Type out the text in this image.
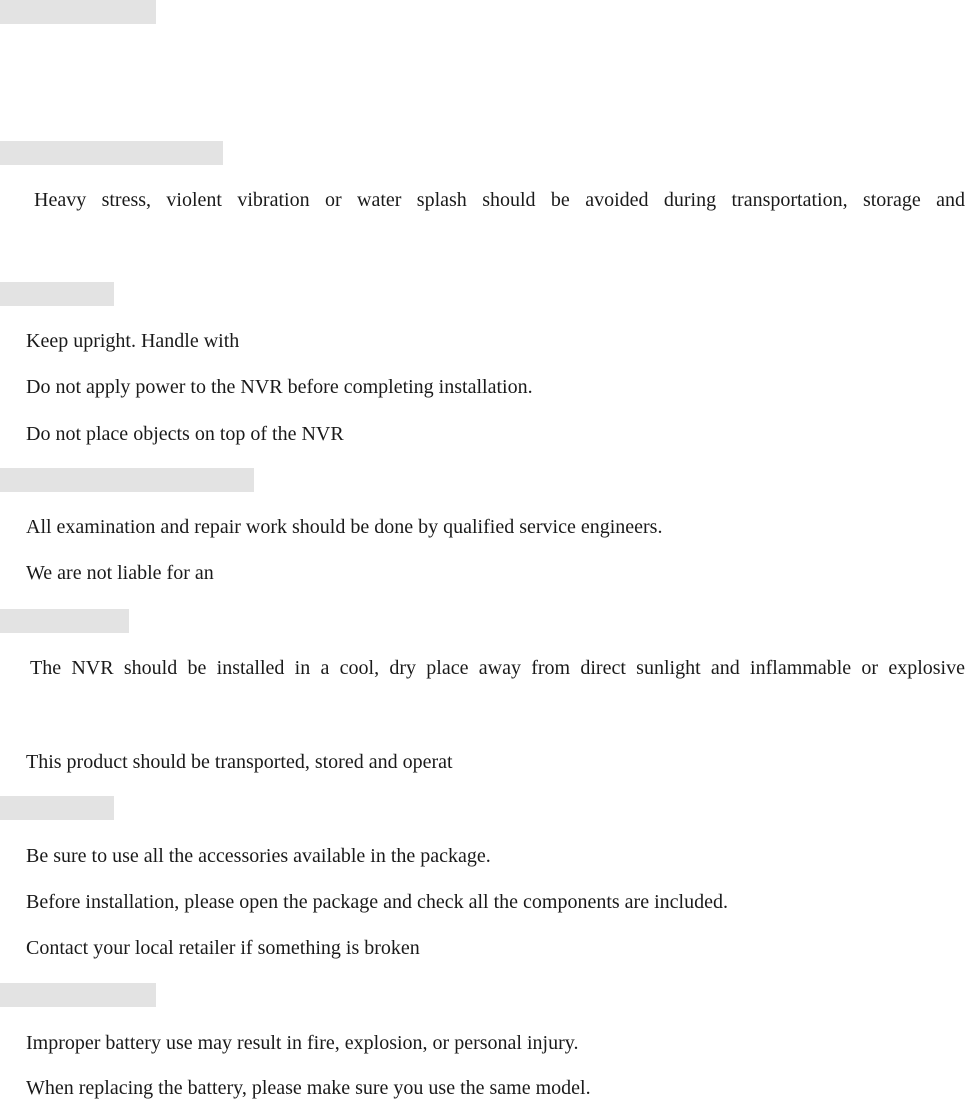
Heavy stress, violent vibration or water splash should be avoided during transportation, storage and
Keep upright. Handle with
Do not apply power to the NVR before completing installation.
Do not place objects on top of the NVR
All examination and repair work should be done by qualified service engineers.
We are not liable for an
The NVR should be installed in a cool, dry place away from direct sunlight and inflammable or explosive
This product should be transported, stored and operat
Be sure to use all the accessories available in the package.
Before installation, please open the package and check all the components are included.
Contact your local retailer if something is broken
Improper battery use may result in fire, explosion, or personal injury.
When replacing the battery, please make sure you use the same model.
